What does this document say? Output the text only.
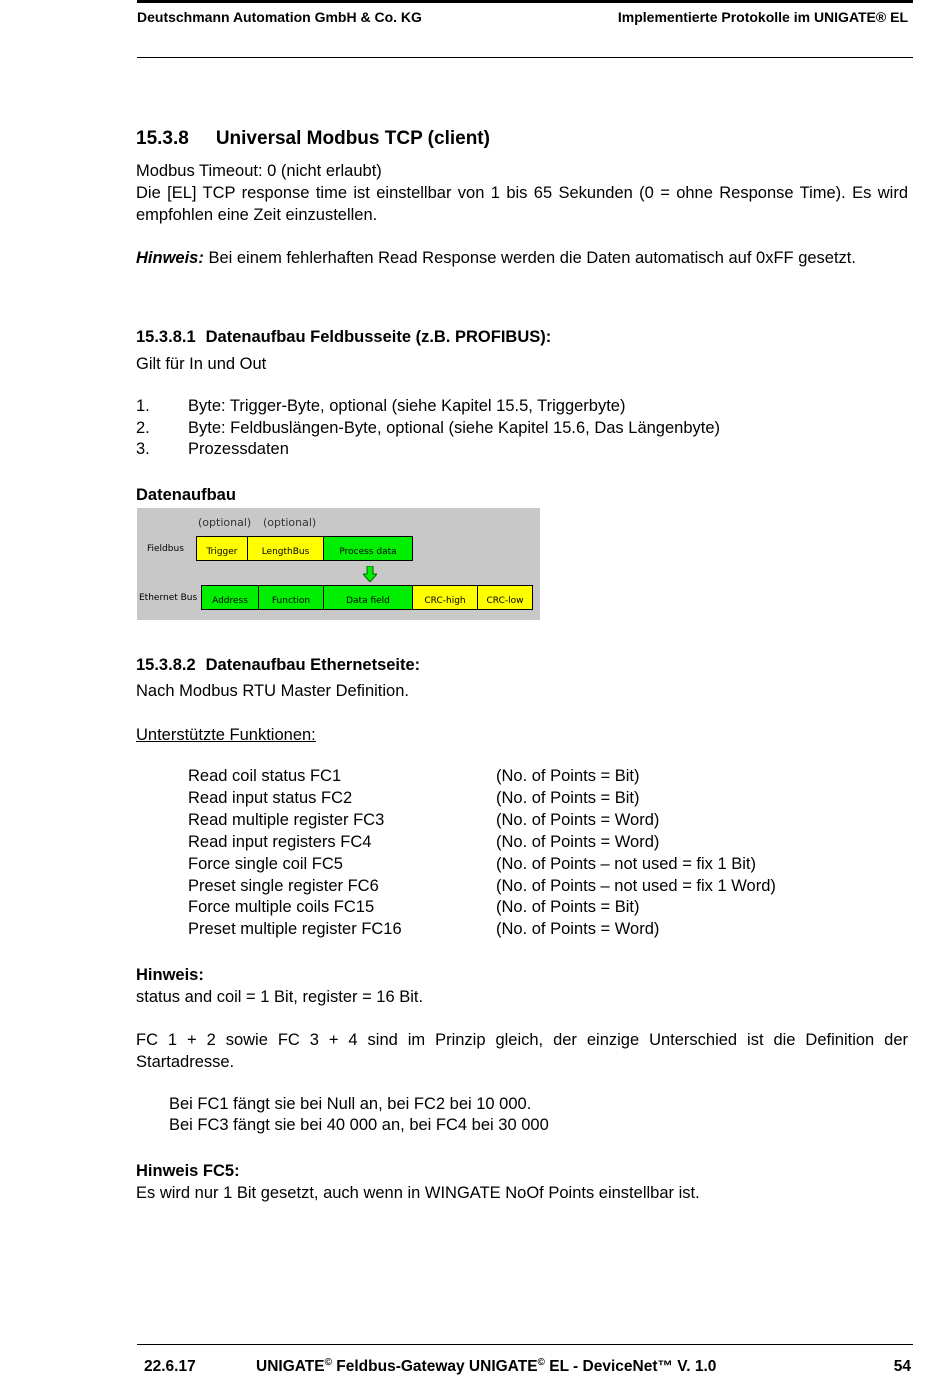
Deutschmann Automation GmbH & Co. KG	Implementierte Protokolle im UNIGATE® EL
15.3.8 Universal Modbus TCP (client)
Modbus Timeout: 0 (nicht erlaubt)
Die [EL] TCP response time ist einstellbar von 1 bis 65 Sekunden (0 = ohne Response Time). Es wird empfohlen eine Zeit einzustellen.
Hinweis: Bei einem fehlerhaften Read Response werden die Daten automatisch auf 0xFF gesetzt.
15.3.8.1 Datenaufbau Feldbusseite (z.B. PROFIBUS):
Gilt für In und Out
1. Byte: Trigger-Byte, optional (siehe Kapitel 15.5, Triggerbyte)
2. Byte: Feldbuslängen-Byte, optional (siehe Kapitel 15.6, Das Längenbyte)
3. Prozessdaten
Datenaufbau
(optional) (optional)
Fieldbus	Trigger	LengthBus	Process data
Ethernet Bus	Address	Function	Data field	CRC-high	CRC-low
15.3.8.2 Datenaufbau Ethernetseite:
Nach Modbus RTU Master Definition.
Unterstützte Funktionen:
Read coil status FC1	(No. of Points = Bit)
Read input status FC2	(No. of Points = Bit)
Read multiple register FC3	(No. of Points = Word)
Read input registers FC4	(No. of Points = Word)
Force single coil FC5	(No. of Points – not used = fix 1 Bit)
Preset single register FC6	(No. of Points – not used = fix 1 Word)
Force multiple coils FC15	(No. of Points = Bit)
Preset multiple register FC16	(No. of Points = Word)
Hinweis:
status and coil = 1 Bit, register = 16 Bit.
FC 1 + 2 sowie FC 3 + 4 sind im Prinzip gleich, der einzige Unterschied ist die Definition der Startadresse.
Bei FC1 fängt sie bei Null an, bei FC2 bei 10 000.
Bei FC3 fängt sie bei 40 000 an, bei FC4 bei 30 000
Hinweis FC5:
Es wird nur 1 Bit gesetzt, auch wenn in WINGATE NoOf Points einstellbar ist.
22.6.17	UNIGATE© Feldbus-Gateway UNIGATE© EL - DeviceNet™ V. 1.0	54
